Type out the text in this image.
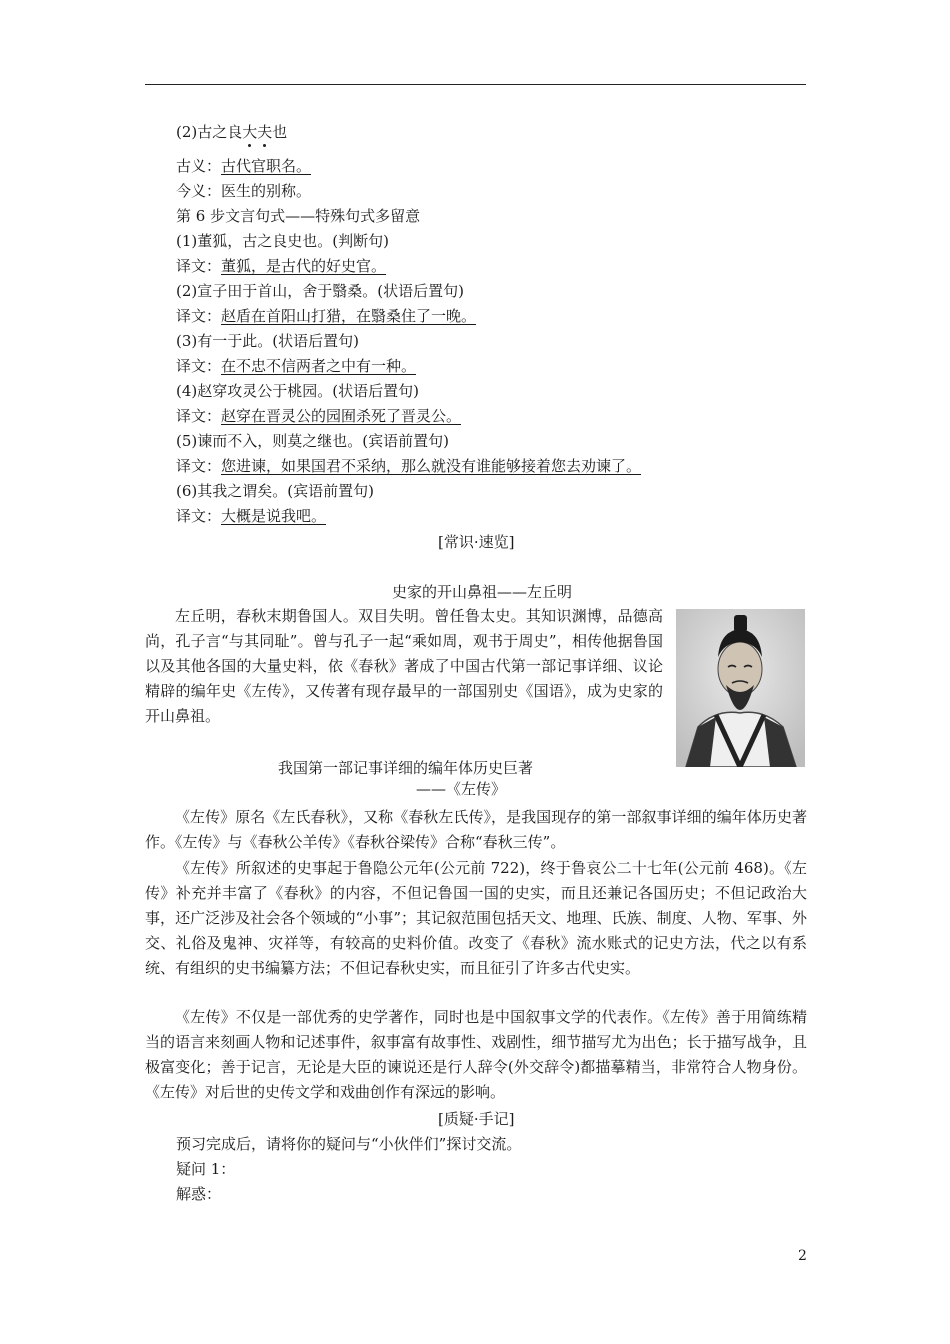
(2)古之良大夫也
古义：古代官职名。
今义：医生的别称。
第 6 步文言句式——特殊句式多留意
(1)董狐，古之良史也。(判断句)
译文：董狐，是古代的好史官。
(2)宣子田于首山，舍于翳桑。(状语后置句)
译文：赵盾在首阳山打猎，在翳桑住了一晚。
(3)有一于此。(状语后置句)
译文：在不忠不信两者之中有一种。
(4)赵穿攻灵公于桃园。(状语后置句)
译文：赵穿在晋灵公的园囿杀死了晋灵公。
(5)谏而不入，则莫之继也。(宾语前置句)
译文：您进谏，如果国君不采纳，那么就没有谁能够接着您去劝谏了。
(6)其我之谓矣。(宾语前置句)
译文：大概是说我吧。
[常识·速览]
史家的开山鼻祖——左丘明

左丘明，春秋末期鲁国人。双目失明。曾任鲁太史。其知识渊博，品德高尚，孔子言“与其同耻”。曾与孔子一起“乘如周，观书于周史”，相传他据鲁国以及其他各国的大量史料，依《春秋》著成了中国古代第一部记事详细、议论精辟的编年史《左传》，又传著有现存最早的一部国别史《国语》，成为史家的开山鼻祖。

我国第一部记事详细的编年体历史巨著
——《左传》

《左传》原名《左氏春秋》，又称《春秋左氏传》，是我国现存的第一部叙事详细的编年体历史著作。《左传》与《春秋公羊传》《春秋谷梁传》合称“春秋三传”。

《左传》所叙述的史事起于鲁隐公元年(公元前 722)，终于鲁哀公二十七年(公元前 468)。《左传》补充并丰富了《春秋》的内容，不但记鲁国一国的史实，而且还兼记各国历史；不但记政治大事，还广泛涉及社会各个领域的“小事”；其记叙范围包括天文、地理、氏族、制度、人物、军事、外交、礼俗及鬼神、灾祥等，有较高的史料价值。改变了《春秋》流水账式的记史方法，代之以有系统、有组织的史书编纂方法；不但记春秋史实，而且征引了许多古代史实。

《左传》不仅是一部优秀的史学著作，同时也是中国叙事文学的代表作。《左传》善于用简练精当的语言来刻画人物和记述事件，叙事富有故事性、戏剧性，细节描写尤为出色；长于描写战争，且极富变化；善于记言，无论是大臣的谏说还是行人辞令(外交辞令)都描摹精当，非常符合人物身份。《左传》对后世的史传文学和戏曲创作有深远的影响。

[质疑·手记]
预习完成后，请将你的疑问与“小伙伴们”探讨交流。
疑问 1：
解惑：
2
